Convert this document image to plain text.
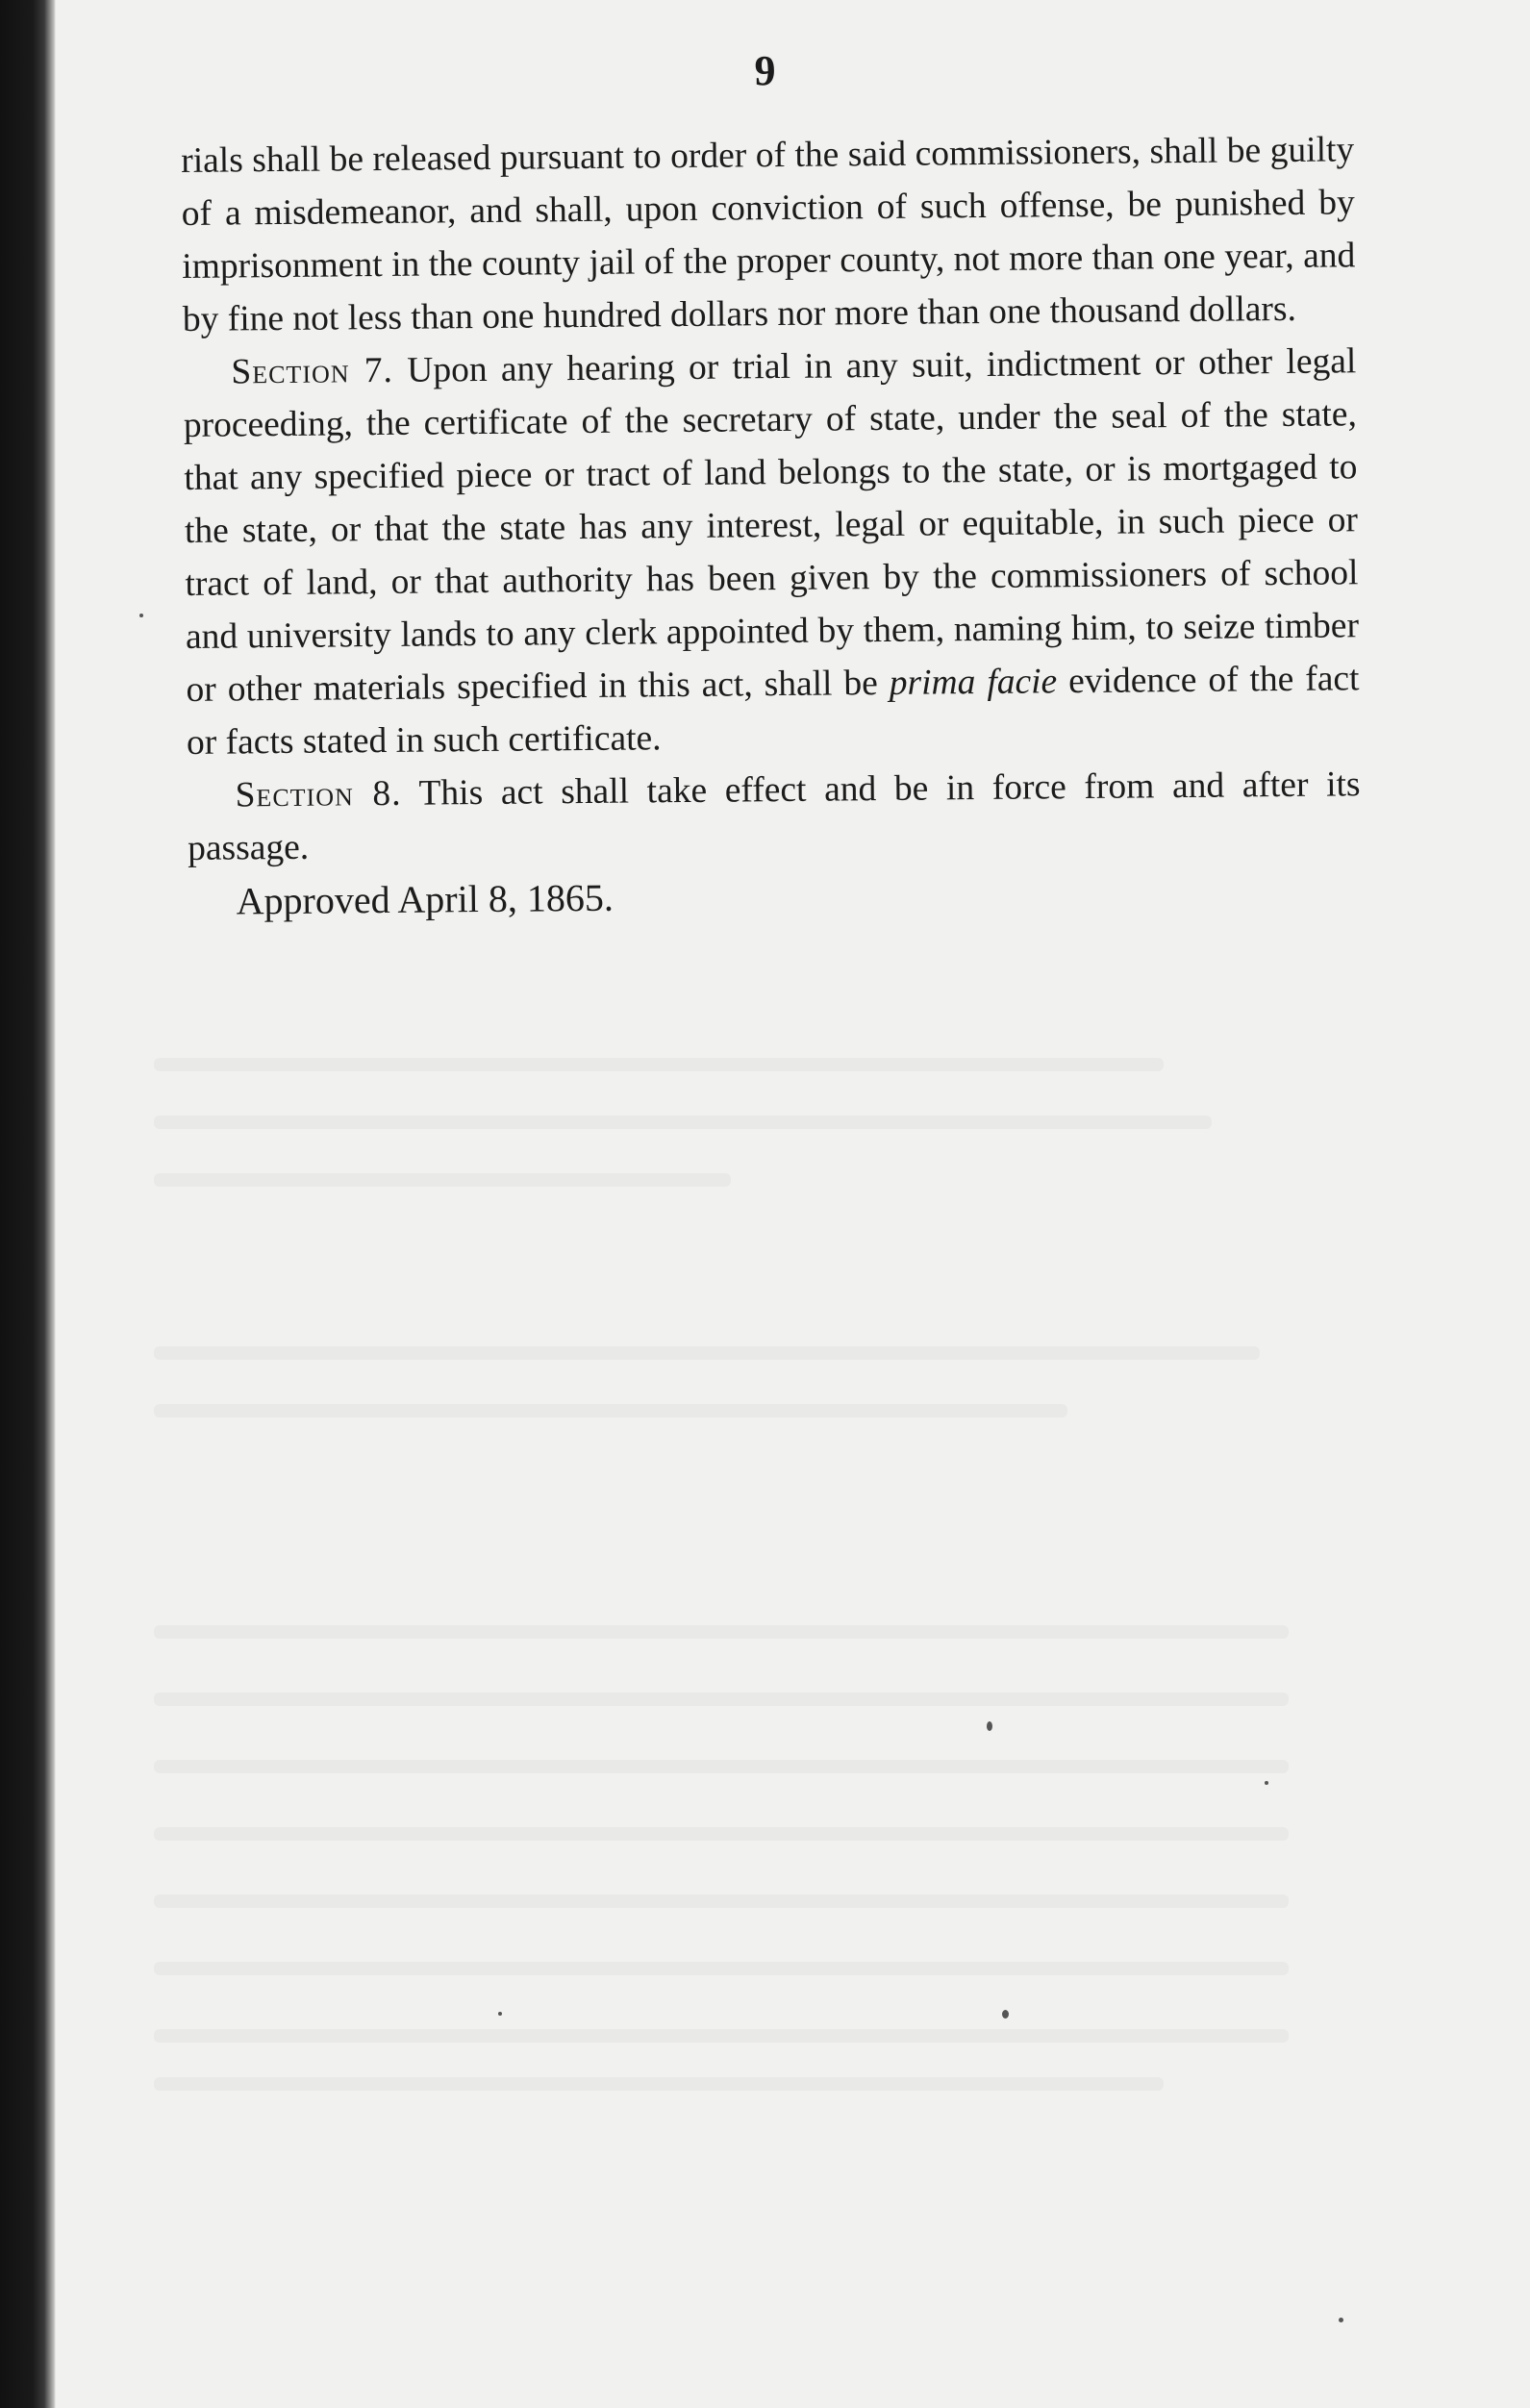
9

rials shall be released pursuant to order of the said commissioners, shall be guilty of a misdemeanor, and shall, upon conviction of such offense, be punished by imprisonment in the county jail of the proper county, not more than one year, and by fine not less than one hundred dollars nor more than one thousand dollars.

Section 7. Upon any hearing or trial in any suit, indictment or other legal proceeding, the certificate of the secretary of state, under the seal of the state, that any specified piece or tract of land belongs to the state, or is mortgaged to the state, or that the state has any interest, legal or equitable, in such piece or tract of land, or that authority has been given by the commissioners of school and university lands to any clerk appointed by them, naming him, to seize timber or other materials specified in this act, shall be prima facie evidence of the fact or facts stated in such certificate.

Section 8. This act shall take effect and be in force from and after its passage.

Approved April 8, 1865.
